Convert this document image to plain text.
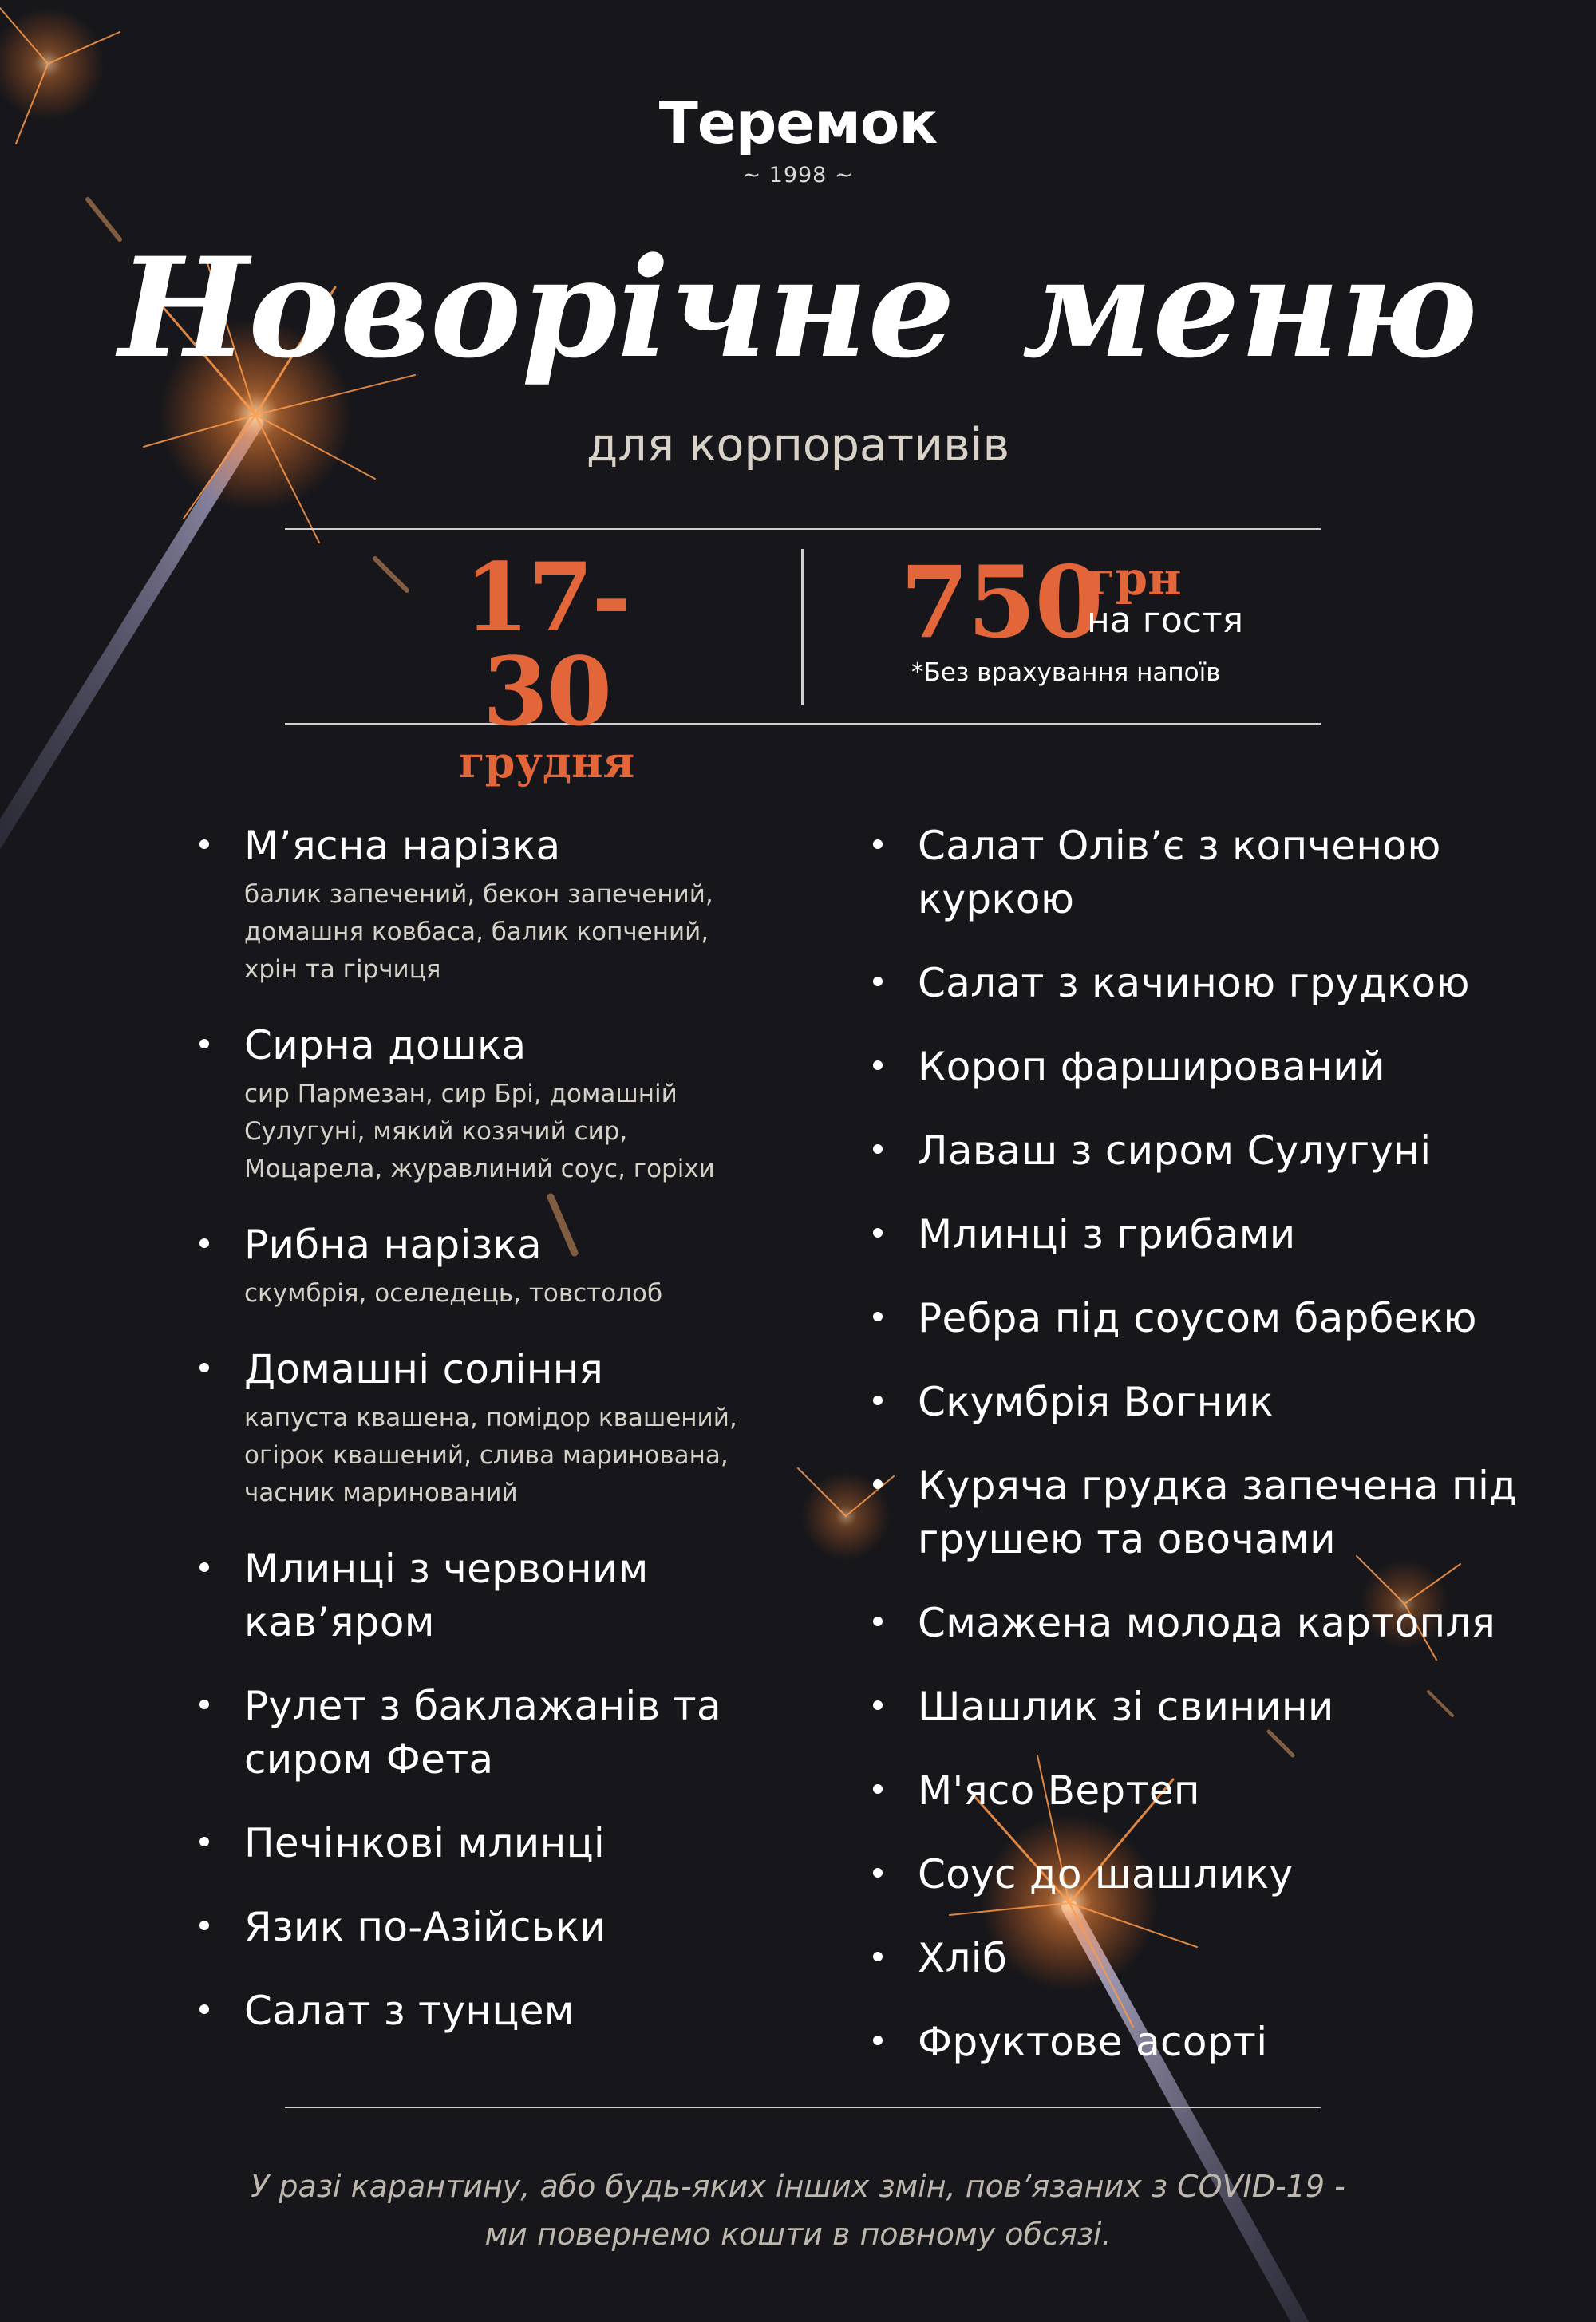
Теремок
~ 1998 ~
Новорічне меню
для корпоративів
17-30
грудня
750
грн
на гостя
*Без врахування напоїв
М’ясна нарізка
балик запечений, бекон запечений,
домашня ковбаса, балик копчений,
хрін та гірчиця
Сирна дошка
сир Пармезан, сир Брі, домашній
Сулугуні, мякий козячий сир,
Моцарела, журавлиний соус, горіхи
Рибна нарізка
скумбрія, оселедець, товстолоб
Домашні соління
капуста квашена, помідор квашений,
огірок квашений, слива маринована,
часник маринований
Млинці з червоним кав’яром
Рулет з баклажанів та сиром Фета
Печінкові млинці
Язик по-Азійськи
Салат з тунцем
Салат Олів’є з копченою куркою
Салат з качиною грудкою
Короп фарширований
Лаваш з сиром Сулугуні
Млинці з грибами
Ребра під соусом барбекю
Скумбрія Вогник
Куряча грудка запечена під грушею та овочами
Смажена молода картопля
Шашлик зі свинини
М'ясо Вертеп
Соус до шашлику
Хліб
Фруктове асорті
У разі карантину, або будь-яких інших змін, пов’язаних з COVID-19 -
ми повернемо кошти в повному обсязі.
